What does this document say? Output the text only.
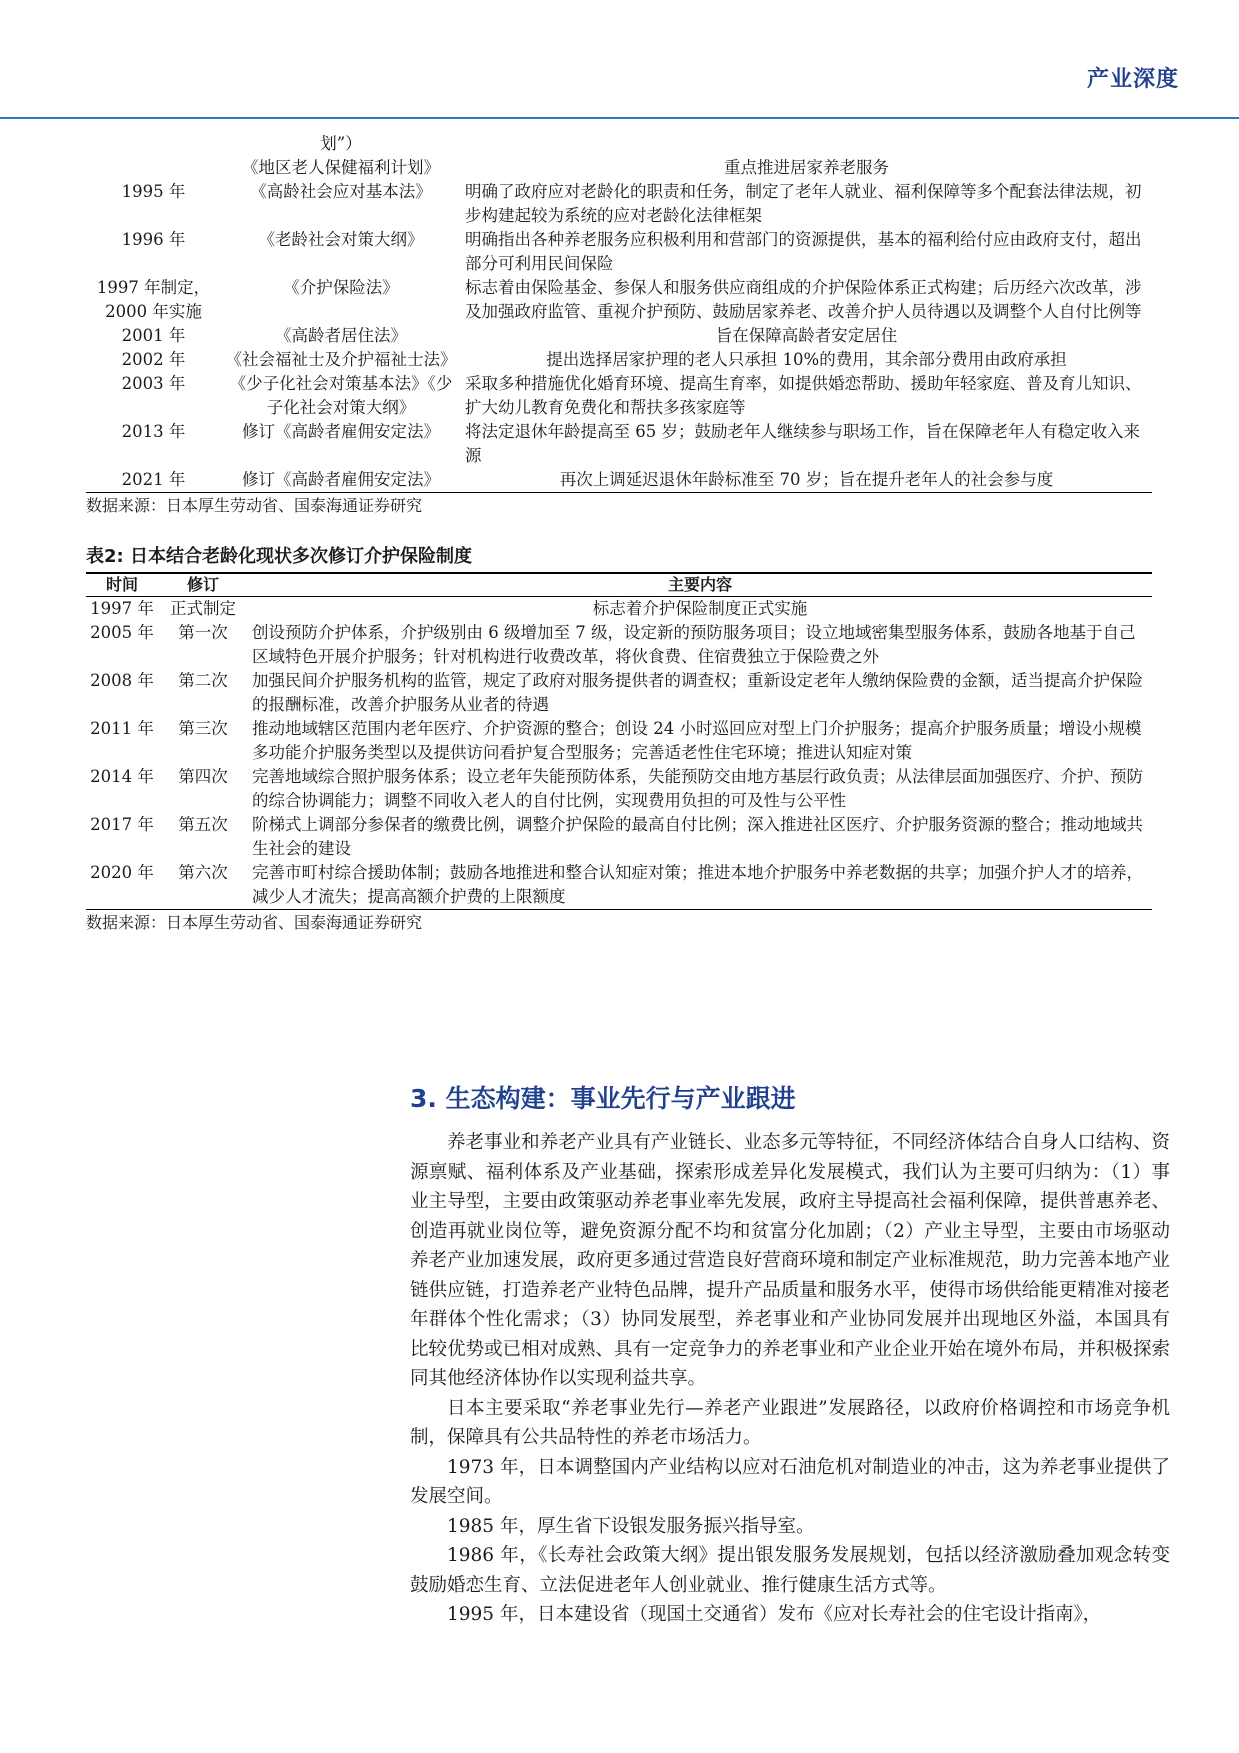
产业深度
	划”）	
	《地区老人保健福利计划》	重点推进居家养老服务
1995 年	《高龄社会应对基本法》	明确了政府应对老龄化的职责和任务，制定了老年人就业、福利保障等多个配套法律法规，初步构建起较为系统的应对老龄化法律框架
1996 年	《老龄社会对策大纲》	明确指出各种养老服务应积极利用和营部门的资源提供，基本的福利给付应由政府支付，超出部分可利用民间保险
1997 年制定，2000 年实施	《介护保险法》	标志着由保险基金、参保人和服务供应商组成的介护保险体系正式构建；后历经六次改革，涉及加强政府监管、重视介护预防、鼓励居家养老、改善介护人员待遇以及调整个人自付比例等
2001 年	《高龄者居住法》	旨在保障高龄者安定居住
2002 年	《社会福祉士及介护福祉士法》	提出选择居家护理的老人只承担 10%的费用，其余部分费用由政府承担
2003 年	《少子化社会对策基本法》《少子化社会对策大纲》	采取多种措施优化婚育环境、提高生育率，如提供婚恋帮助、援助年轻家庭、普及育儿知识、扩大幼儿教育免费化和帮扶多孩家庭等
2013 年	修订《高龄者雇佣安定法》	将法定退休年龄提高至 65 岁；鼓励老年人继续参与职场工作，旨在保障老年人有稳定收入来源
2021 年	修订《高龄者雇佣安定法》	再次上调延迟退休年龄标准至 70 岁；旨在提升老年人的社会参与度
数据来源：日本厚生劳动省、国泰海通证券研究
表2: 日本结合老龄化现状多次修订介护保险制度
时间	修订	主要内容
1997 年	正式制定	标志着介护保险制度正式实施
2005 年	第一次	创设预防介护体系，介护级别由 6 级增加至 7 级，设定新的预防服务项目；设立地域密集型服务体系，鼓励各地基于自己区域特色开展介护服务；针对机构进行收费改革，将伙食费、住宿费独立于保险费之外
2008 年	第二次	加强民间介护服务机构的监管，规定了政府对服务提供者的调查权；重新设定老年人缴纳保险费的金额，适当提高介护保险的报酬标准，改善介护服务从业者的待遇
2011 年	第三次	推动地域辖区范围内老年医疗、介护资源的整合；创设 24 小时巡回应对型上门介护服务；提高介护服务质量；增设小规模多功能介护服务类型以及提供访问看护复合型服务；完善适老性住宅环境；推进认知症对策
2014 年	第四次	完善地域综合照护服务体系；设立老年失能预防体系，失能预防交由地方基层行政负责；从法律层面加强医疗、介护、预防的综合协调能力；调整不同收入老人的自付比例，实现费用负担的可及性与公平性
2017 年	第五次	阶梯式上调部分参保者的缴费比例，调整介护保险的最高自付比例；深入推进社区医疗、介护服务资源的整合；推动地域共生社会的建设
2020 年	第六次	完善市町村综合援助体制；鼓励各地推进和整合认知症对策；推进本地介护服务中养老数据的共享；加强介护人才的培养，减少人才流失；提高高额介护费的上限额度
数据来源：日本厚生劳动省、国泰海通证券研究
3. 生态构建：事业先行与产业跟进

养老事业和养老产业具有产业链长、业态多元等特征，不同经济体结合自身人口结构、资源禀赋、福利体系及产业基础，探索形成差异化发展模式，我们认为主要可归纳为：（1）事业主导型，主要由政策驱动养老事业率先发展，政府主导提高社会福利保障，提供普惠养老、创造再就业岗位等，避免资源分配不均和贫富分化加剧；（2）产业主导型，主要由市场驱动养老产业加速发展，政府更多通过营造良好营商环境和制定产业标准规范，助力完善本地产业链供应链，打造养老产业特色品牌，提升产品质量和服务水平，使得市场供给能更精准对接老年群体个性化需求；（3）协同发展型，养老事业和产业协同发展并出现地区外溢，本国具有比较优势或已相对成熟、具有一定竞争力的养老事业和产业企业开始在境外布局，并积极探索同其他经济体协作以实现利益共享。

日本主要采取“养老事业先行—养老产业跟进”发展路径，以政府价格调控和市场竞争机制，保障具有公共品特性的养老市场活力。

1973 年，日本调整国内产业结构以应对石油危机对制造业的冲击，这为养老事业提供了发展空间。

1985 年，厚生省下设银发服务振兴指导室。

1986 年，《长寿社会政策大纲》提出银发服务发展规划，包括以经济激励叠加观念转变鼓励婚恋生育、立法促进老年人创业就业、推行健康生活方式等。

1995 年，日本建设省（现国土交通省）发布《应对长寿社会的住宅设计指南》，
